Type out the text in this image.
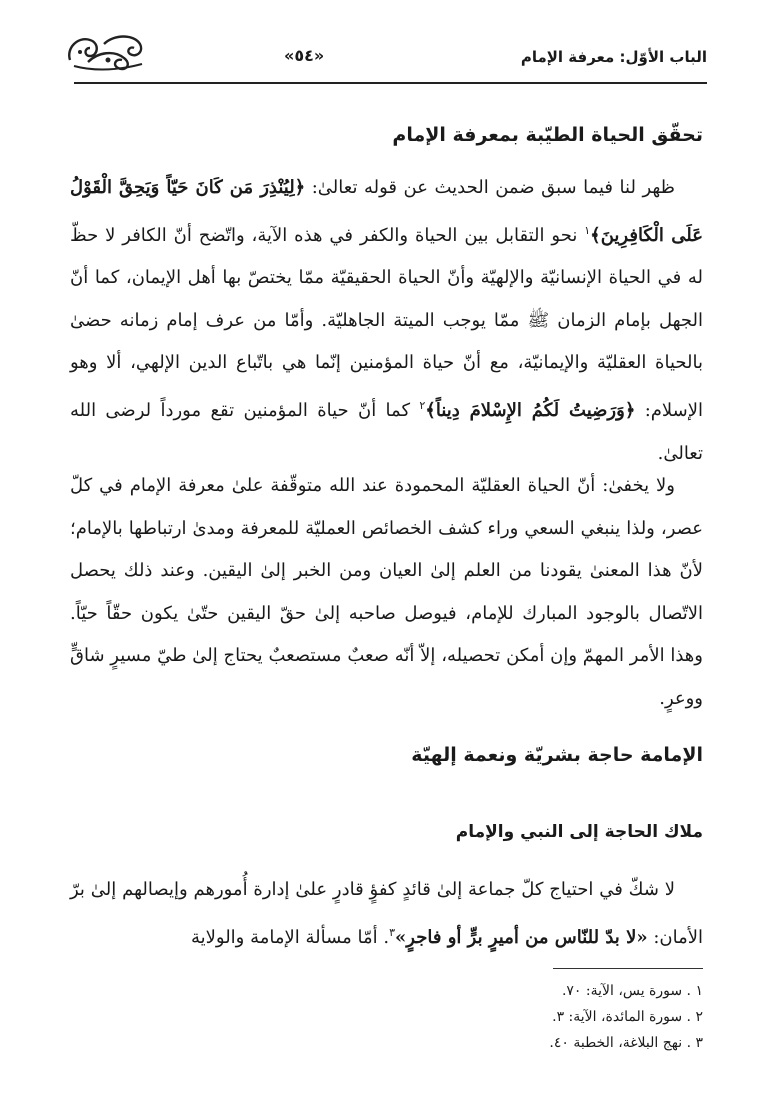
الباب الأوّل: معرفة الإمام
«٥٤»
تحقّق الحياة الطيّبة بمعرفة الإمام
ظهر لنا فيما سبق ضمن الحديث عن قوله تعالىٰ: ﴿لِيُنْذِرَ مَن كَانَ حَيّاً وَيَحِقَّ الْقَوْلُ عَلَى الْكَافِرِينَ﴾$^١$ نحو التقابل بين الحياة والكفر في هذه الآية، واتّضح أنّ الكافر لا حظّ له في الحياة الإنسانيّة والإلهيّة وأنّ الحياة الحقيقيّة ممّا يختصّ بها أهل الإيمان، كما أنّ الجهل بإمام الزمان ﷺ ممّا يوجب الميتة الجاهليّة. وأمّا من عرف إمام زمانه حضىٰ بالحياة العقليّة والإيمانيّة، مع أنّ حياة المؤمنين إنّما هي باتّباع الدين الإلهي، ألا وهو الإسلام: ﴿وَرَضِيتُ لَكُمُ الإِسْلامَ دِيناً﴾$^٢$ كما أنّ حياة المؤمنين تقع مورداً لرضى الله تعالىٰ.
ولا يخفىٰ: أنّ الحياة العقليّة المحمودة عند الله متوقّفة علىٰ معرفة الإمام في كلّ عصر، ولذا ينبغي السعي وراء كشف الخصائص العمليّة للمعرفة ومدىٰ ارتباطها بالإمام؛ لأنّ هذا المعنىٰ يقودنا من العلم إلىٰ العيان ومن الخبر إلىٰ اليقين. وعند ذلك يحصل الاتّصال بالوجود المبارك للإمام، فيوصل صاحبه إلىٰ حقّ اليقين حتّىٰ يكون حقّاً حيّاً. وهذا الأمر المهمّ وإن أمكن تحصيله، إلاّ أنّه صعبٌ مستصعبٌ يحتاج إلىٰ طيّ مسيرٍ شاقٍّ ووعرٍ.
الإمامة حاجة بشريّة ونعمة إلهيّة
ملاك الحاجة إلى النبي والإمام
لا شكّ في احتياج كلّ جماعة إلىٰ قائدٍ كفؤٍ قادرٍ علىٰ إدارة أُمورهم وإيصالهم إلىٰ برّ الأمان: «لا بدّ للنّاس من أميرٍ برٍّ أو فاجرٍ»$^٣$. أمّا مسألة الإمامة والولاية
١ . سورة يس، الآية: ٧٠.
٢ . سورة المائدة، الآية: ٣.
٣ . نهج البلاغة، الخطبة ٤٠.
